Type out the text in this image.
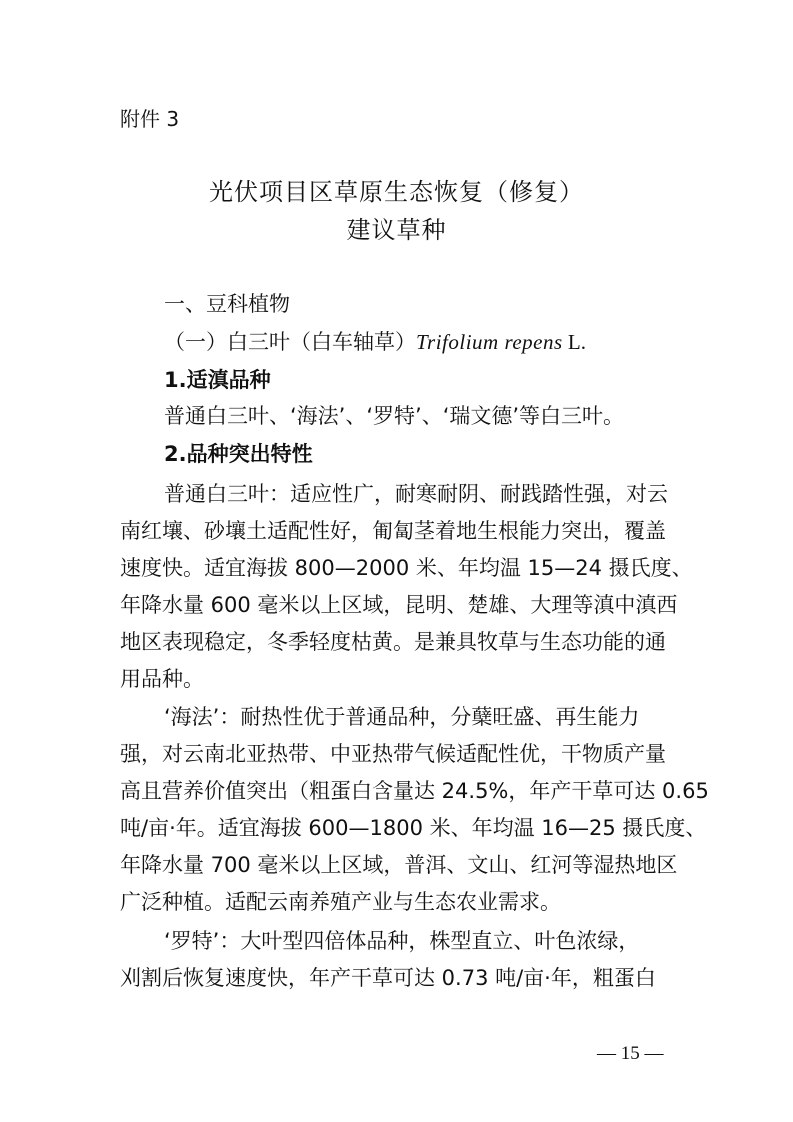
附件 3
光伏项目区草原生态恢复（修复）
建议草种
一、豆科植物
（一）白三叶（白车轴草）Trifolium repens L.
1.适滇品种
普通白三叶、‘海法’、‘罗特’、‘瑞文德’等白三叶。
2.品种突出特性
普通白三叶：适应性广，耐寒耐阴、耐践踏性强，对云
南红壤、砂壤土适配性好，匍匐茎着地生根能力突出，覆盖
速度快。适宜海拔 800—2000 米、年均温 15—24 摄氏度、
年降水量 600 毫米以上区域，昆明、楚雄、大理等滇中滇西
地区表现稳定，冬季轻度枯黄。是兼具牧草与生态功能的通
用品种。
‘海法’：耐热性优于普通品种，分蘖旺盛、再生能力
强，对云南北亚热带、中亚热带气候适配性优，干物质产量
高且营养价值突出（粗蛋白含量达 24.5%，年产干草可达 0.65
吨/亩·年。适宜海拔 600—1800 米、年均温 16—25 摄氏度、
年降水量 700 毫米以上区域，普洱、文山、红河等湿热地区
广泛种植。适配云南养殖产业与生态农业需求。
‘罗特’：大叶型四倍体品种，株型直立、叶色浓绿，
刈割后恢复速度快，年产干草可达 0.73 吨/亩·年，粗蛋白
— 15 —
